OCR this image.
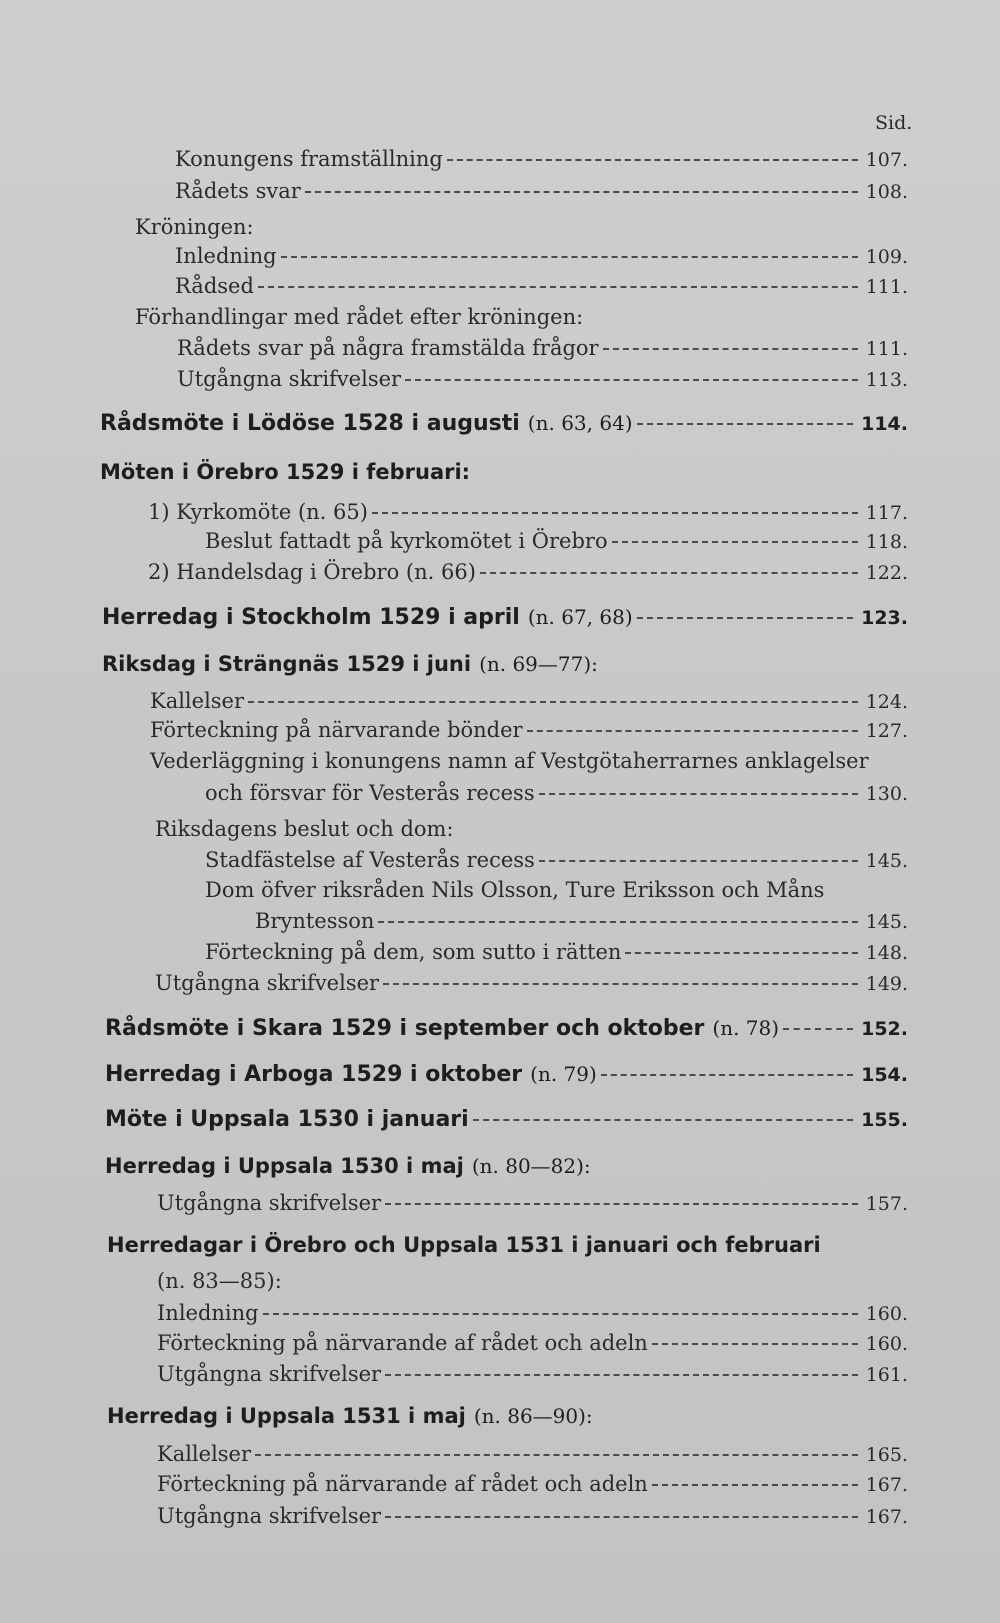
Sid.
Konungens framställning	107.
Rådets svar	108.
Kröningen:
Inledning	109.
Rådsed	111.
Förhandlingar med rådet efter kröningen:
Rådets svar på några framstälda frågor	111.
Utgångna skrifvelser	113.
Rådsmöte i Lödöse 1528 i augusti (n. 63, 64)	114.
Möten i Örebro 1529 i februari:
1) Kyrkomöte (n. 65)	117.
Beslut fattadt på kyrkomötet i Örebro	118.
2) Handelsdag i Örebro (n. 66)	122.
Herredag i Stockholm 1529 i april (n. 67, 68)	123.
Riksdag i Strängnäs 1529 i juni (n. 69—77):
Kallelser	124.
Förteckning på närvarande bönder	127.
Vederläggning i konungens namn af Vestgötaherrarnes anklagelser
och försvar för Vesterås recess	130.
Riksdagens beslut och dom:
Stadfästelse af Vesterås recess	145.
Dom öfver riksråden Nils Olsson, Ture Eriksson och Måns
Bryntesson	145.
Förteckning på dem, som sutto i rätten	148.
Utgångna skrifvelser	149.
Rådsmöte i Skara 1529 i september och oktober (n. 78)	152.
Herredag i Arboga 1529 i oktober (n. 79)	154.
Möte i Uppsala 1530 i januari	155.
Herredag i Uppsala 1530 i maj (n. 80—82):
Utgångna skrifvelser	157.
Herredagar i Örebro och Uppsala 1531 i januari och februari
(n. 83—85):
Inledning	160.
Förteckning på närvarande af rådet och adeln	160.
Utgångna skrifvelser	161.
Herredag i Uppsala 1531 i maj (n. 86—90):
Kallelser	165.
Förteckning på närvarande af rådet och adeln	167.
Utgångna skrifvelser	167.
